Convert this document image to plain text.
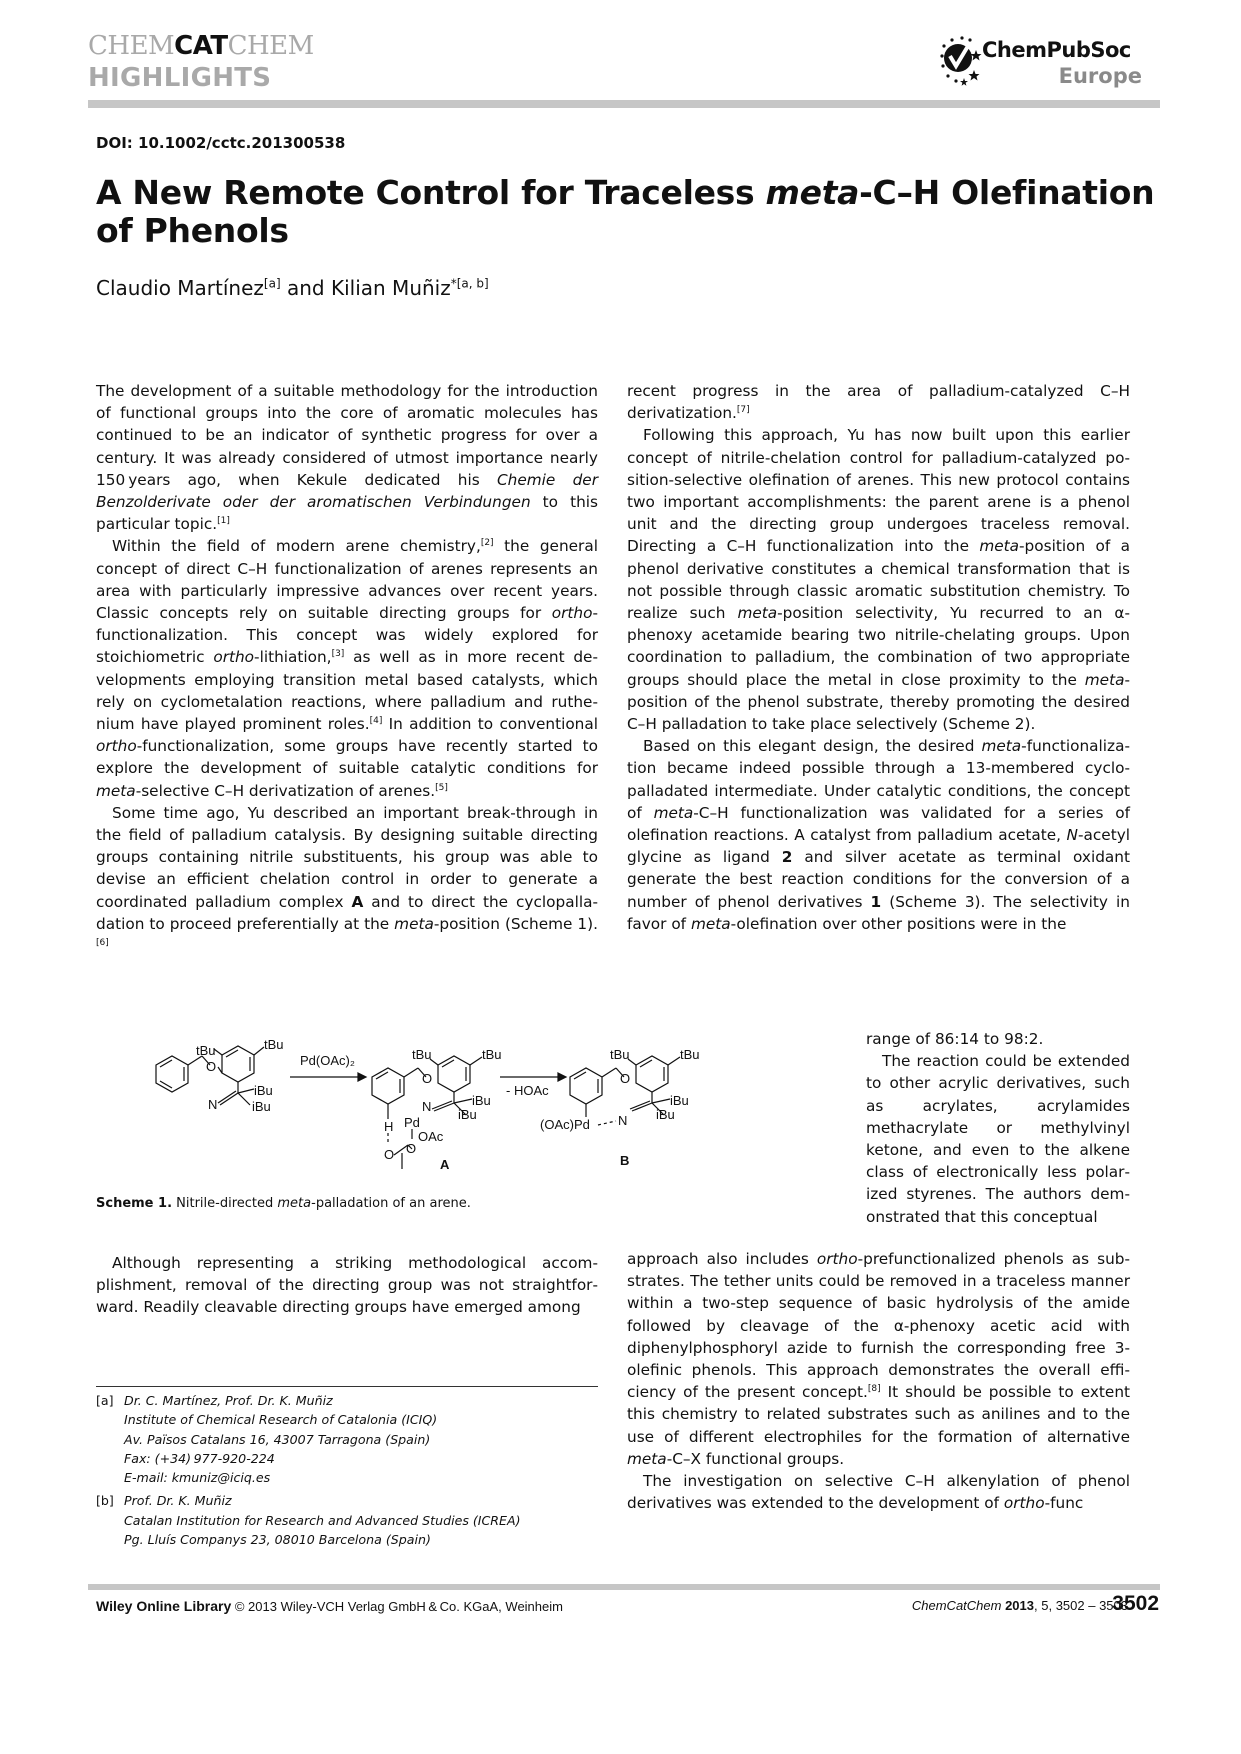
CHEMCATCHEM
HIGHLIGHTS
ChemPubSoc
Europe
DOI: 10.1002/cctc.201300538
A New Remote Control for Traceless meta-C–H Olefination of Phenols
Claudio Martínez[a] and Kilian Muñiz$^{*[a, b]}$

The development of a suitable methodology for the introduction of functional groups into the core of aromatic molecules has continued to be an indicator of synthetic progress for over a century. It was already considered of utmost importance nearly 150 years ago, when Kekule dedicated his Chemie der Benzolderivate oder der aromatischen Verbindungen to this particular topic.[1]

Within the field of modern arene chemistry,[2] the general concept of direct C–H functionalization of arenes represents an area with particularly impressive advances over recent years. Classic concepts rely on suitable directing groups for ortho-functionalization. This concept was widely explored for stoichiometric ortho-lithiation,[3] as well as in more recent developments employing transition metal based catalysts, which rely on cyclometalation reactions, where palladium and ruthenium have played prominent roles.[4] In addition to conventional ortho-functionalization, some groups have recently started to explore the development of suitable catalytic conditions for meta-selective C–H derivatization of arenes.[5]

Some time ago, Yu described an important break-through in the field of palladium catalysis. By designing suitable directing groups containing nitrile substituents, his group was able to devise an efficient chelation control in order to generate a coordinated palladium complex A and to direct the cyclopalladation to proceed preferentially at the meta-position (Scheme 1).[6]

tBu	tBu
O
iBu
N	iBu
Pd(OAc)₂	tBu	tBu
O
iBu
iBu
N
H Pd
OAc
O
O
A
- HOAc
tBu	tBu
O
iBu
iBu
N
(OAc)Pd
B
Scheme 1. Nitrile-directed meta-palladation of an arene.

Although representing a striking methodological accomplishment, removal of the directing group was not straightforward. Readily cleavable directing groups have emerged among

recent progress in the area of palladium-catalyzed C–H derivatization.[7]

Following this approach, Yu has now built upon this earlier concept of nitrile-chelation control for palladium-catalyzed position-selective olefination of arenes. This new protocol contains two important accomplishments: the parent arene is a phenol unit and the directing group undergoes traceless removal. Directing a C–H functionalization into the meta-position of a phenol derivative constitutes a chemical transformation that is not possible through classic aromatic substitution chemistry. To realize such meta-position selectivity, Yu recurred to an α-phenoxy acetamide bearing two nitrile-chelating groups. Upon coordination to palladium, the combination of two appropriate groups should place the metal in close proximity to the meta-position of the phenol substrate, thereby promoting the desired C–H palladation to take place selectively (Scheme 2).

Based on this elegant design, the desired meta-functionalization became indeed possible through a 13-membered cyclopalladated intermediate. Under catalytic conditions, the concept of meta-C–H functionalization was validated for a series of olefination reactions. A catalyst from palladium acetate, N-acetyl glycine as ligand 2 and silver acetate as terminal oxidant generate the best reaction conditions for the conversion of a number of phenol derivatives 1 (Scheme 3). The selectivity in favor of meta-olefination over other positions were in the

range of 86:14 to 98:2.

The reaction could be extended to other acrylic derivatives, such as acrylates, acrylamides methacrylate or methylvinyl ketone, and even to the alkene class of electronically less polarized styrenes. The authors demonstrated that this conceptual

approach also includes ortho-prefunctionalized phenols as substrates. The tether units could be removed in a traceless manner within a two-step sequence of basic hydrolysis of the amide followed by cleavage of the α-phenoxy acetic acid with diphenylphosphoryl azide to furnish the corresponding free 3-olefinic phenols. This approach demonstrates the overall efficiency of the present concept.[8] It should be possible to extent this chemistry to related substrates such as anilines and to the use of different electrophiles for the formation of alternative meta-C–X functional groups.

The investigation on selective C–H alkenylation of phenol derivatives was extended to the development of ortho-func

[a] Dr. C. Martínez, Prof. Dr. K. Muñiz
Institute of Chemical Research of Catalonia (ICIQ)
Av. Països Catalans 16, 43007 Tarragona (Spain)
Fax: (+34) 977-920-224
E-mail: kmuniz@iciq.es
[b] Prof. Dr. K. Muñiz
Catalan Institution for Research and Advanced Studies (ICREA)
Pg. Lluís Companys 23, 08010 Barcelona (Spain)
Wiley Online Library © 2013 Wiley-VCH Verlag GmbH & Co. KGaA, Weinheim	ChemCatChem 2013, 5, 3502 – 3503
3502
